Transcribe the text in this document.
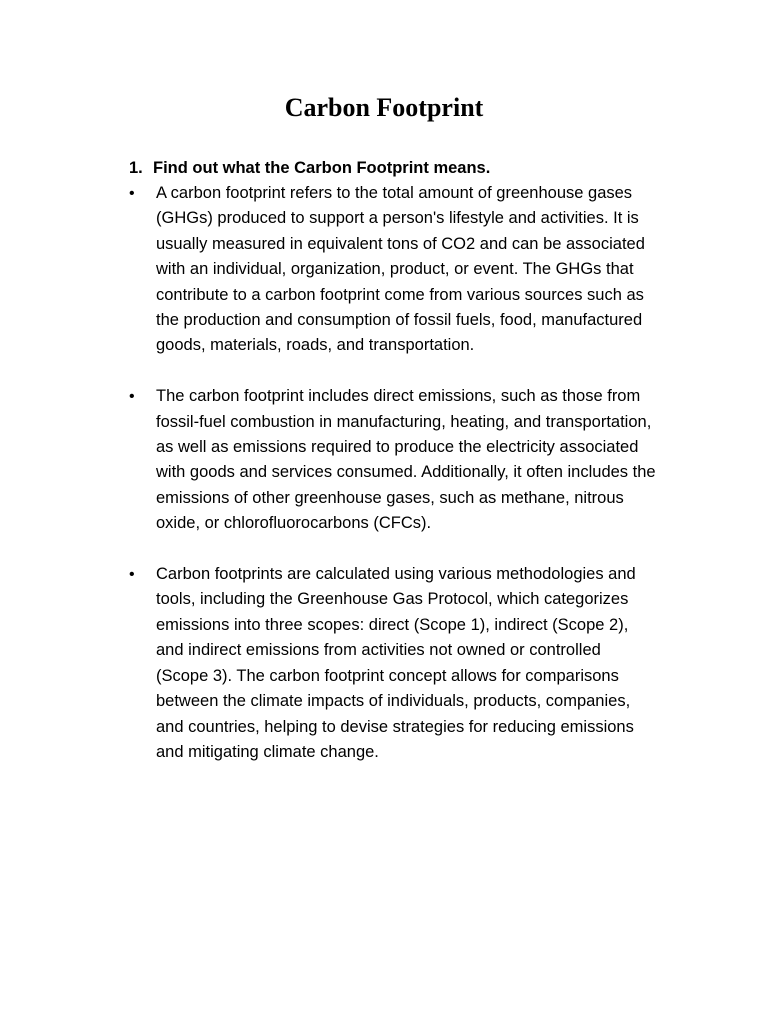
Carbon Footprint
1. Find out what the Carbon Footprint means.
•	A carbon footprint refers to the total amount of greenhouse gases (GHGs) produced to support a person's lifestyle and activities. It is usually measured in equivalent tons of CO2 and can be associated with an individual, organization, product, or event. The GHGs that contribute to a carbon footprint come from various sources such as the production and consumption of fossil fuels, food, manufactured goods, materials, roads, and transportation.
•	The carbon footprint includes direct emissions, such as those from fossil-fuel combustion in manufacturing, heating, and transportation, as well as emissions required to produce the electricity associated with goods and services consumed. Additionally, it often includes the emissions of other greenhouse gases, such as methane, nitrous oxide, or chlorofluorocarbons (CFCs).
•	Carbon footprints are calculated using various methodologies and tools, including the Greenhouse Gas Protocol, which categorizes emissions into three scopes: direct (Scope 1), indirect (Scope 2), and indirect emissions from activities not owned or controlled (Scope 3). The carbon footprint concept allows for comparisons between the climate impacts of individuals, products, companies, and countries, helping to devise strategies for reducing emissions and mitigating climate change.
